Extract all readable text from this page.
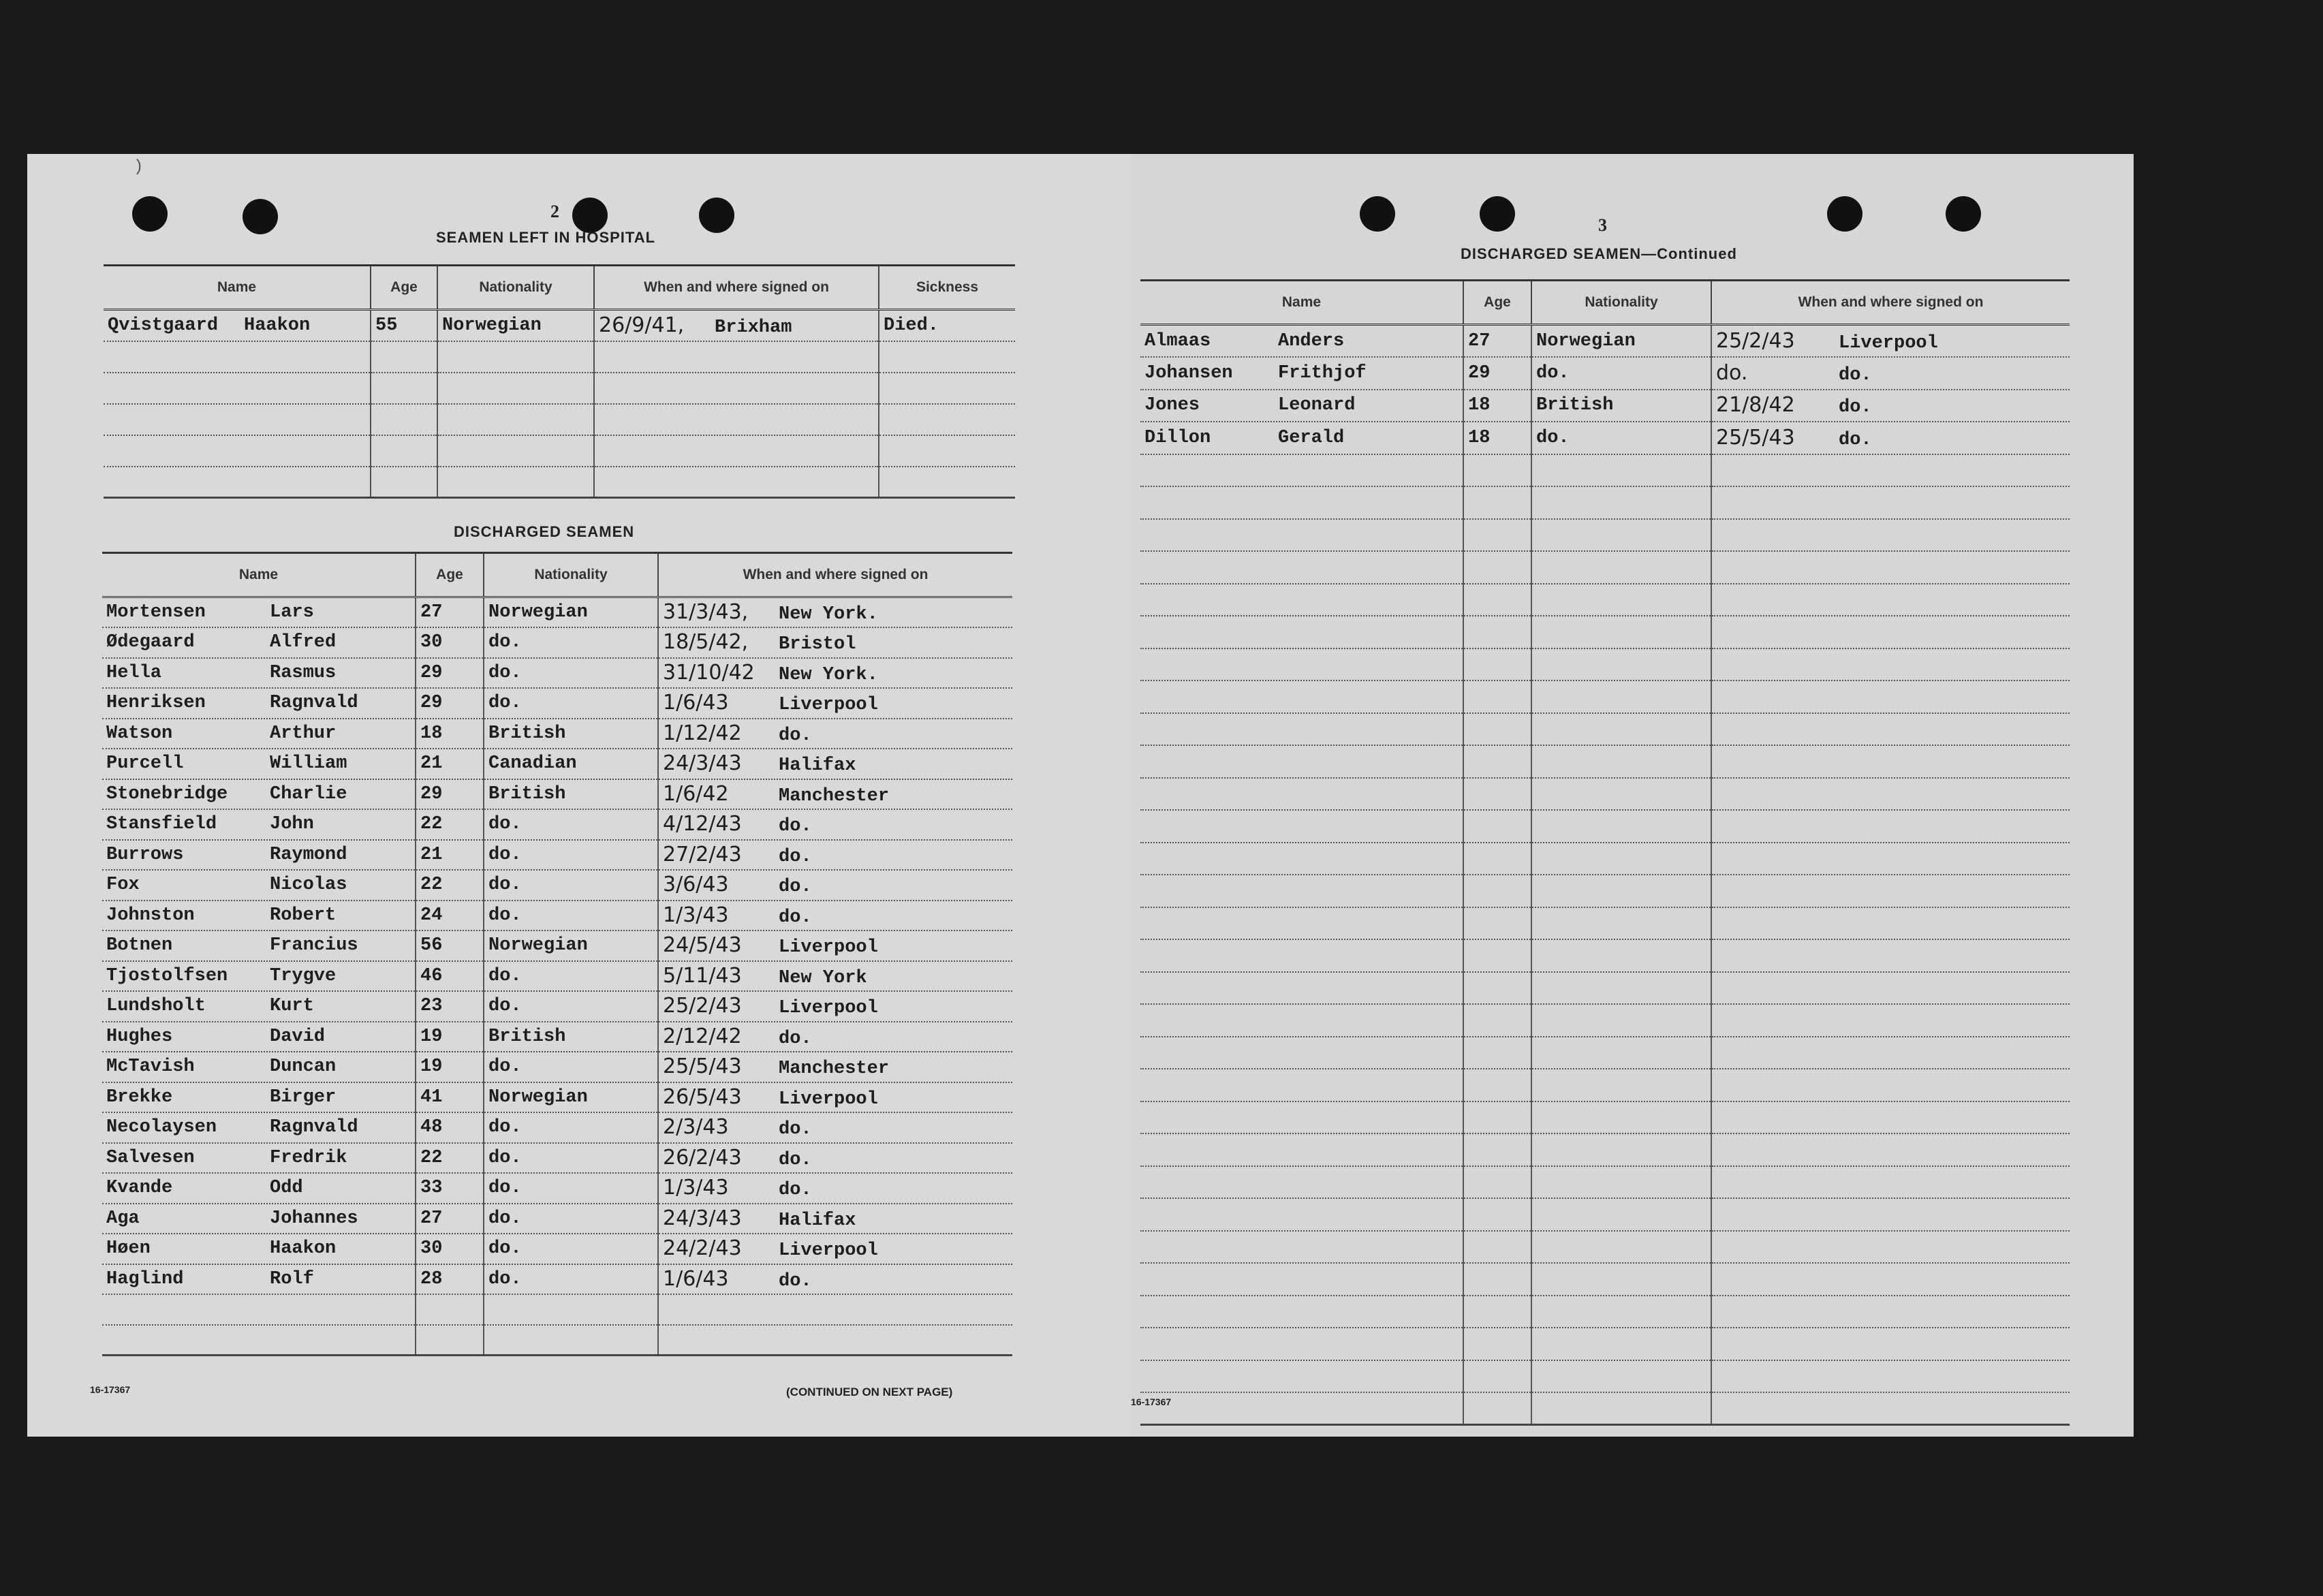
)
2
SEAMEN LEFT IN HOSPITAL
Name	Age	Nationality	When and where signed on	Sickness
Qvistgaard Haakon	55	Norwegian	26/9/41, Brixham	Died.

DISCHARGED SEAMEN
Name	Age	Nationality	When and where signed on
Mortensen Lars	27	Norwegian	31/3/43, New York.
Ødegaard Alfred	30	do.	18/5/42, Bristol
Hella Rasmus	29	do.	31/10/42 New York.
Henriksen Ragnvald	29	do.	1/6/43 Liverpool
Watson Arthur	18	British	1/12/42 do.
Purcell William	21	Canadian	24/3/43 Halifax
Stonebridge Charlie	29	British	1/6/42 Manchester
Stansfield John	22	do.	4/12/43 do.
Burrows Raymond	21	do.	27/2/43 do.
Fox Nicolas	22	do.	3/6/43 do.
Johnston Robert	24	do.	1/3/43 do.
Botnen Francius	56	Norwegian	24/5/43 Liverpool
Tjostolfsen Trygve	46	do.	5/11/43 New York
Lundsholt Kurt	23	do.	25/2/43 Liverpool
Hughes David	19	British	2/12/42 do.
McTavish Duncan	19	do.	25/5/43 Manchester
Brekke Birger	41	Norwegian	26/5/43 Liverpool
Necolaysen Ragnvald	48	do.	2/3/43 do.
Salvesen Fredrik	22	do.	26/2/43 do.
Kvande Odd	33	do.	1/3/43 do.
Aga Johannes	27	do.	24/3/43 Halifax
Høen Haakon	30	do.	24/2/43 Liverpool
Haglind Rolf	28	do.	1/6/43 do.

16-17367	(CONTINUED ON NEXT PAGE)
3
DISCHARGED SEAMEN—Continued
Name	Age	Nationality	When and where signed on
Almaas Anders	27	Norwegian	25/2/43 Liverpool
Johansen Frithjof	29	do.	do. do.
Jones Leonard	18	British	21/8/42 do.
Dillon Gerald	18	do.	25/5/43 do.

16-17367
